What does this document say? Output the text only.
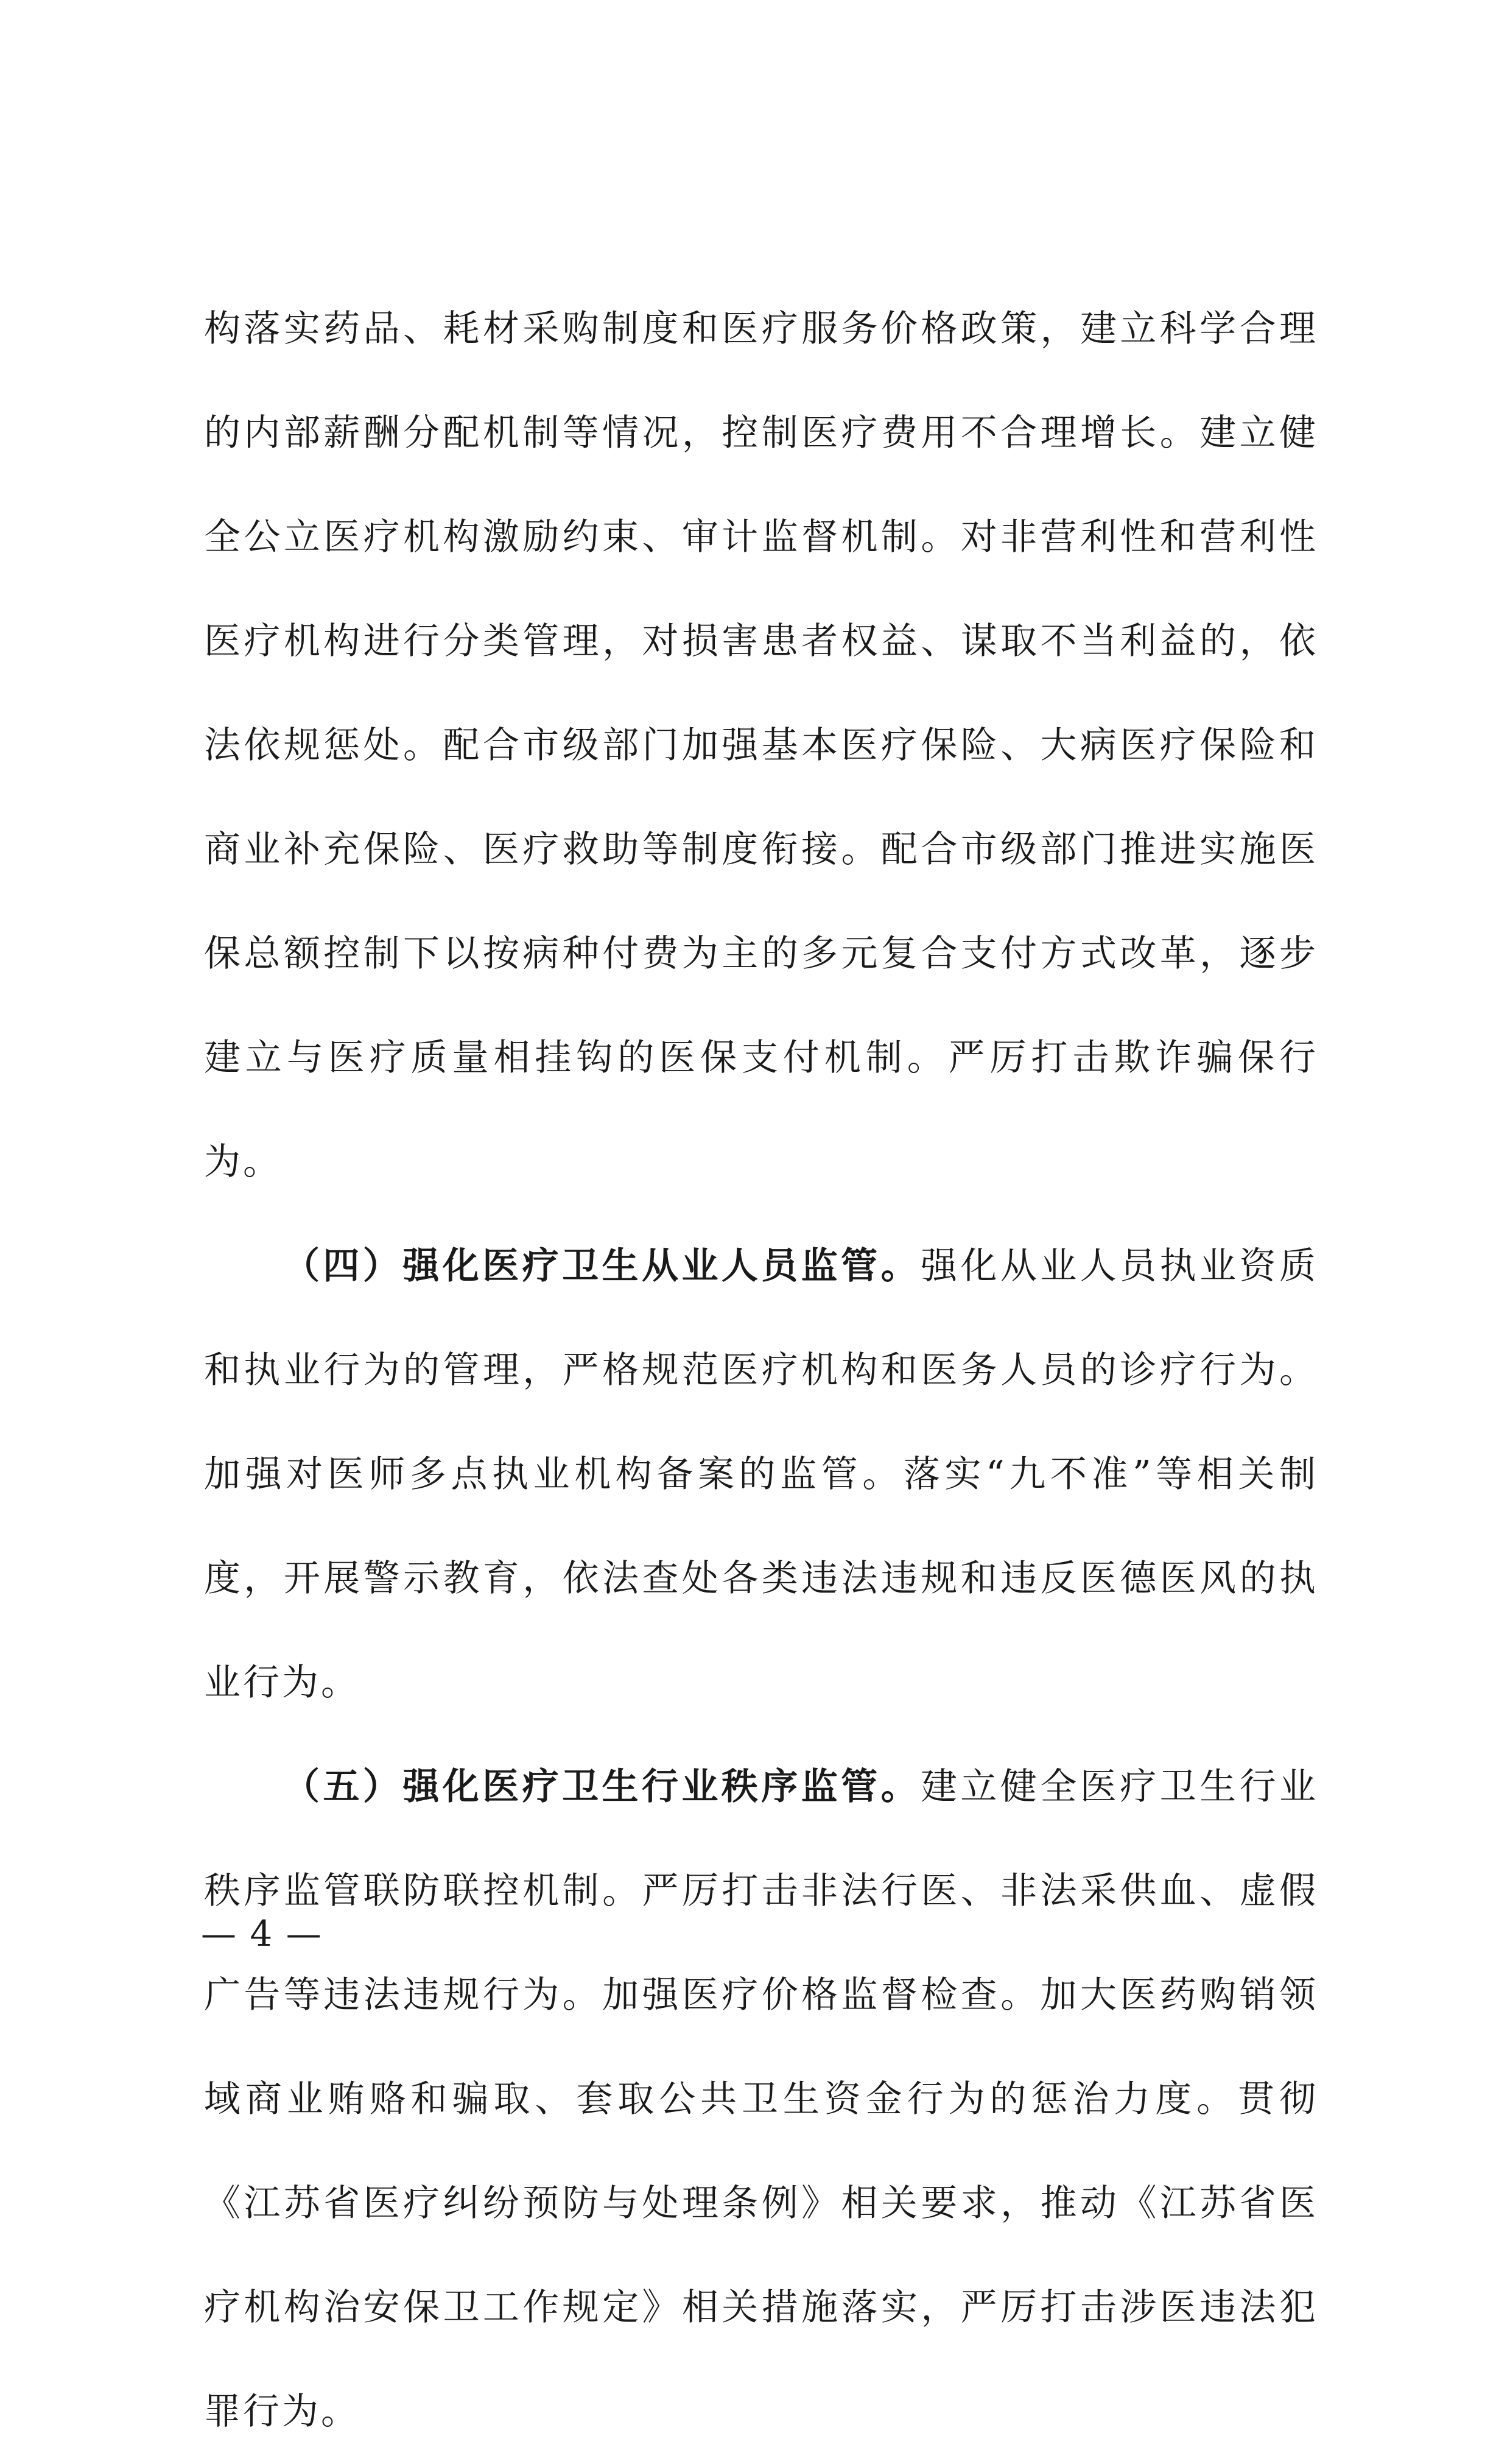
构落实药品、耗材采购制度和医疗服务价格政策，建立科学合理的内部薪酬分配机制等情况，控制医疗费用不合理增长。建立健全公立医疗机构激励约束、审计监督机制。对非营利性和营利性医疗机构进行分类管理，对损害患者权益、谋取不当利益的，依法依规惩处。配合市级部门加强基本医疗保险、大病医疗保险和商业补充保险、医疗救助等制度衔接。配合市级部门推进实施医保总额控制下以按病种付费为主的多元复合支付方式改革，逐步建立与医疗质量相挂钩的医保支付机制。严厉打击欺诈骗保行为。

（四）强化医疗卫生从业人员监管。强化从业人员执业资质和执业行为的管理，严格规范医疗机构和医务人员的诊疗行为。加强对医师多点执业机构备案的监管。落实“九不准”等相关制度，开展警示教育，依法查处各类违法违规和违反医德医风的执业行为。

（五）强化医疗卫生行业秩序监管。建立健全医疗卫生行业秩序监管联防联控机制。严厉打击非法行医、非法采供血、虚假广告等违法违规行为。加强医疗价格监督检查。加大医药购销领域商业贿赂和骗取、套取公共卫生资金行为的惩治力度。贯彻《江苏省医疗纠纷预防与处理条例》相关要求，推动《江苏省医疗机构治安保卫工作规定》相关措施落实，严厉打击涉医违法犯罪行为。

— 4 —
